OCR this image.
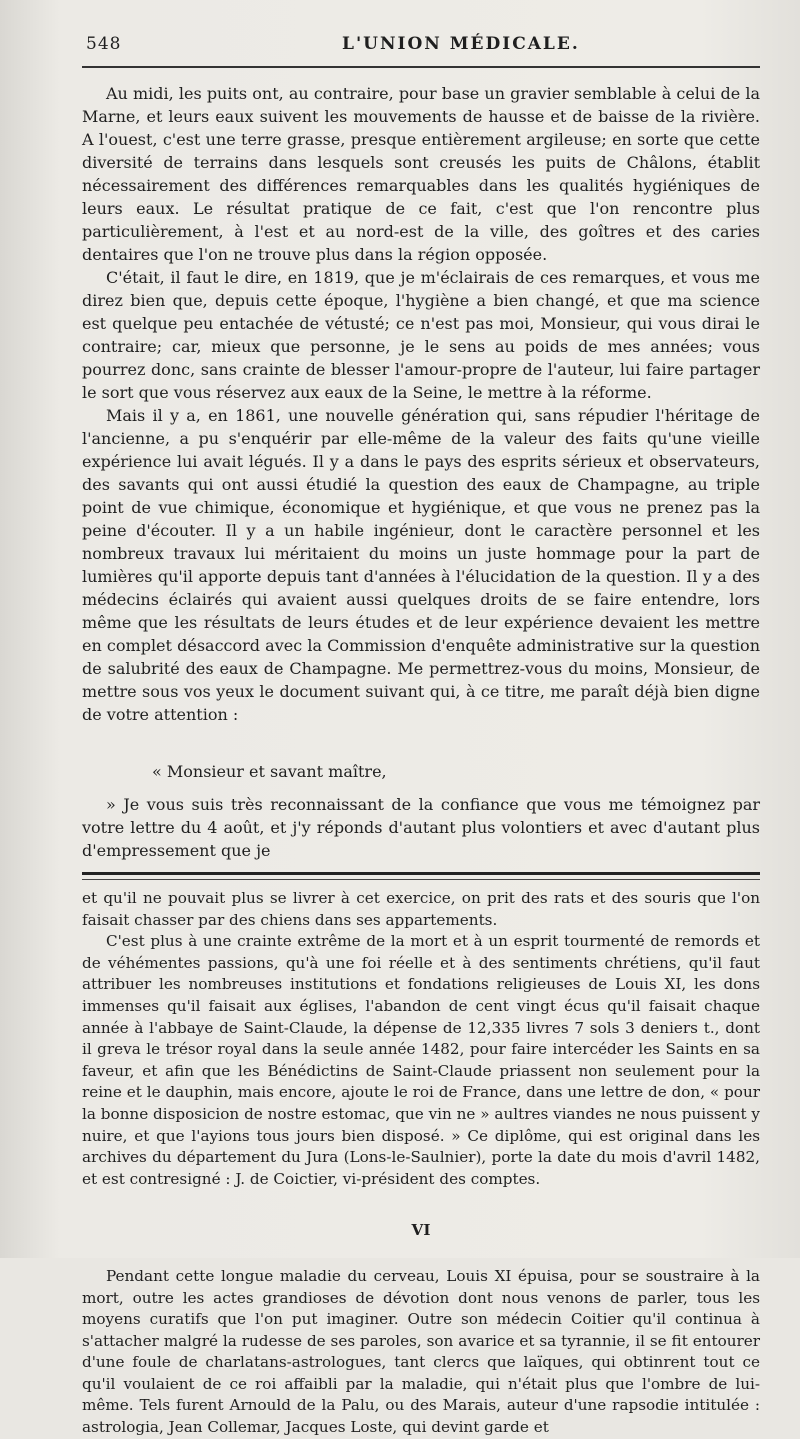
548	L'UNION MÉDICALE.

Au midi, les puits ont, au contraire, pour base un gravier semblable à celui de la Marne, et leurs eaux suivent les mouvements de hausse et de baisse de la rivière. A l'ouest, c'est une terre grasse, presque entièrement argileuse; en sorte que cette diversité de terrains dans lesquels sont creusés les puits de Châlons, établit nécessairement des différences remarquables dans les qualités hygiéniques de leurs eaux. Le résultat pratique de ce fait, c'est que l'on rencontre plus particulièrement, à l'est et au nord-est de la ville, des goîtres et des caries dentaires que l'on ne trouve plus dans la région opposée.

C'était, il faut le dire, en 1819, que je m'éclairais de ces remarques, et vous me direz bien que, depuis cette époque, l'hygiène a bien changé, et que ma science est quelque peu entachée de vétusté; ce n'est pas moi, Monsieur, qui vous dirai le contraire; car, mieux que personne, je le sens au poids de mes années; vous pourrez donc, sans crainte de blesser l'amour-propre de l'auteur, lui faire partager le sort que vous réservez aux eaux de la Seine, le mettre à la réforme.

Mais il y a, en 1861, une nouvelle génération qui, sans répudier l'héritage de l'ancienne, a pu s'enquérir par elle-même de la valeur des faits qu'une vieille expérience lui avait légués. Il y a dans le pays des esprits sérieux et observateurs, des savants qui ont aussi étudié la question des eaux de Champagne, au triple point de vue chimique, économique et hygiénique, et que vous ne prenez pas la peine d'écouter. Il y a un habile ingénieur, dont le caractère personnel et les nombreux travaux lui méritaient du moins un juste hommage pour la part de lumières qu'il apporte depuis tant d'années à l'élucidation de la question. Il y a des médecins éclairés qui avaient aussi quelques droits de se faire entendre, lors même que les résultats de leurs études et de leur expérience devaient les mettre en complet désaccord avec la Commission d'enquête administrative sur la question de salubrité des eaux de Champagne. Me permettrez-vous du moins, Monsieur, de mettre sous vos yeux le document suivant qui, à ce titre, me paraît déjà bien digne de votre attention :

« Monsieur et savant maître,

» Je vous suis très reconnaissant de la confiance que vous me témoignez par votre lettre du 4 août, et j'y réponds d'autant plus volontiers et avec d'autant plus d'empressement que je

et qu'il ne pouvait plus se livrer à cet exercice, on prit des rats et des souris que l'on faisait chasser par des chiens dans ses appartements.

C'est plus à une crainte extrême de la mort et à un esprit tourmenté de remords et de véhémentes passions, qu'à une foi réelle et à des sentiments chrétiens, qu'il faut attribuer les nombreuses institutions et fondations religieuses de Louis XI, les dons immenses qu'il faisait aux églises, l'abandon de cent vingt écus qu'il faisait chaque année à l'abbaye de Saint-Claude, la dépense de 12,335 livres 7 sols 3 deniers t., dont il greva le trésor royal dans la seule année 1482, pour faire intercéder les Saints en sa faveur, et afin que les Bénédictins de Saint-Claude priassent non seulement pour la reine et le dauphin, mais encore, ajoute le roi de France, dans une lettre de don, « pour la bonne disposicion de nostre estomac, que vin ne » aultres viandes ne nous puissent y nuire, et que l'ayions tous jours bien disposé. » Ce diplôme, qui est original dans les archives du département du Jura (Lons-le-Saulnier), porte la date du mois d'avril 1482, et est contresigné : J. de Coictier, vi-président des comptes.

VI

Pendant cette longue maladie du cerveau, Louis XI épuisa, pour se soustraire à la mort, outre les actes grandioses de dévotion dont nous venons de parler, tous les moyens curatifs que l'on put imaginer. Outre son médecin Coitier qu'il continua à s'attacher malgré la rudesse de ses paroles, son avarice et sa tyrannie, il se fit entourer d'une foule de charlatans-astrologues, tant clercs que laïques, qui obtinrent tout ce qu'il voulaient de ce roi affaibli par la maladie, qui n'était plus que l'ombre de lui-même. Tels furent Arnould de la Palu, ou des Marais, auteur d'une rapsodie intitulée : astrologia, Jean Collemar, Jacques Loste, qui devint garde et
